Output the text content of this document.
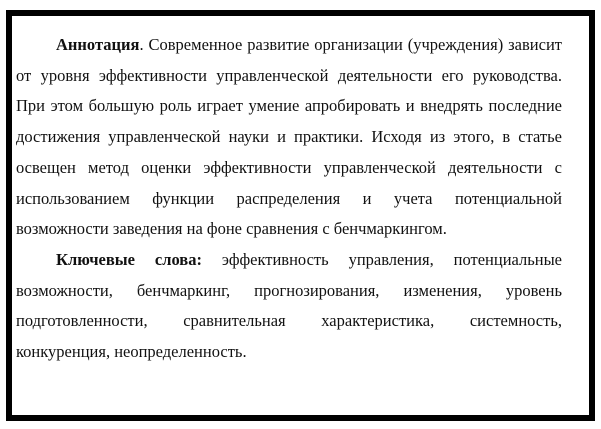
Аннотация. Современное развитие организации (учреждения) зависит от уровня эффективности управленческой деятельности его руководства. При этом большую роль играет умение апробировать и внедрять последние достижения управленческой науки и практики. Исходя из этого, в статье освещен метод оценки эффективности управленческой деятельности с использованием функции распределения и учета потенциальной возможности заведения на фоне сравнения с бенчмаркингом.

Ключевые слова: эффективность управления, потенциальные возможности, бенчмаркинг, прогнозирования, изменения, уровень подготовленности, сравнительная характеристика, системность, конкуренция, неопределенность.
